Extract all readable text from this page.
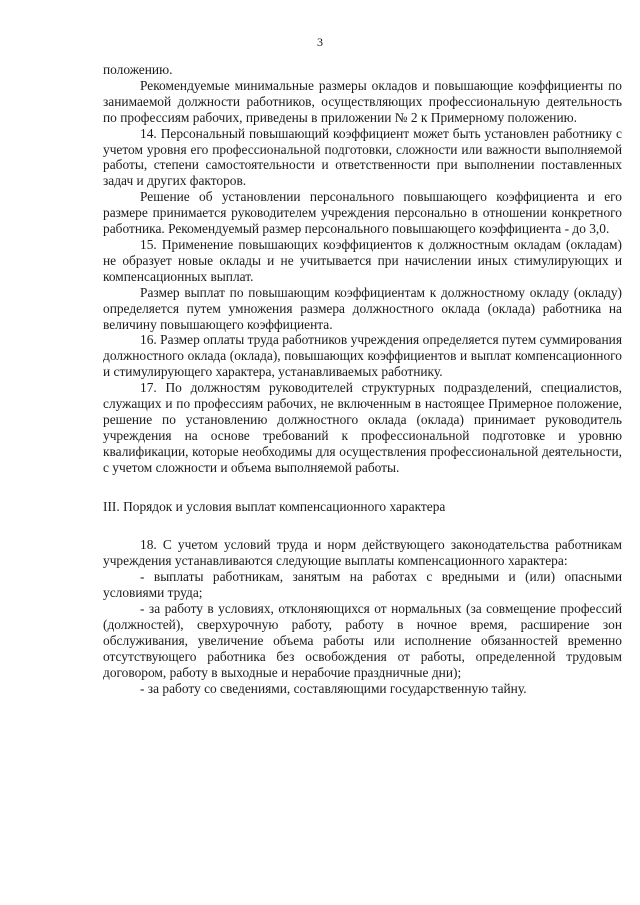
3

положению.

Рекомендуемые минимальные размеры окладов и повышающие коэффициенты по занимаемой должности работников, осуществляющих профессиональную деятельность по профессиям рабочих, приведены в приложении № 2 к Примерному положению.

14. Персональный повышающий коэффициент может быть установлен работнику с учетом уровня его профессиональной подготовки, сложности или важности выполняемой работы, степени самостоятельности и ответственности при выполнении поставленных задач и других факторов.

Решение об установлении персонального повышающего коэффициента и его размере принимается руководителем учреждения персонально в отношении конкретного работника. Рекомендуемый размер персонального повышающего коэффициента - до 3,0.

15. Применение повышающих коэффициентов к должностным окладам (окладам) не образует новые оклады и не учитывается при начислении иных стимулирующих и компенсационных выплат.

Размер выплат по повышающим коэффициентам к должностному окладу (окладу) определяется путем умножения размера должностного оклада (оклада) работника на величину повышающего коэффициента.

16. Размер оплаты труда работников учреждения определяется путем суммирования должностного оклада (оклада), повышающих коэффициентов и выплат компенсационного и стимулирующего характера, устанавливаемых работнику.

17. По должностям руководителей структурных подразделений, специалистов, служащих и по профессиям рабочих, не включенным в настоящее Примерное положение, решение по установлению должностного оклада (оклада) принимает руководитель учреждения на основе требований к профессиональной подготовке и уровню квалификации, которые необходимы для осуществления профессиональной деятельности, с учетом сложности и объема выполняемой работы.

III. Порядок и условия выплат компенсационного характера

18. С учетом условий труда и норм действующего законодательства работникам учреждения устанавливаются следующие выплаты компенсационного характера:

- выплаты работникам, занятым на работах с вредными и (или) опасными условиями труда;

- за работу в условиях, отклоняющихся от нормальных (за совмещение профессий (должностей), сверхурочную работу, работу в ночное время, расширение зон обслуживания, увеличение объема работы или исполнение обязанностей временно отсутствующего работника без освобождения от работы, определенной трудовым договором, работу в выходные и нерабочие праздничные дни);

- за работу со сведениями, составляющими государственную тайну.
